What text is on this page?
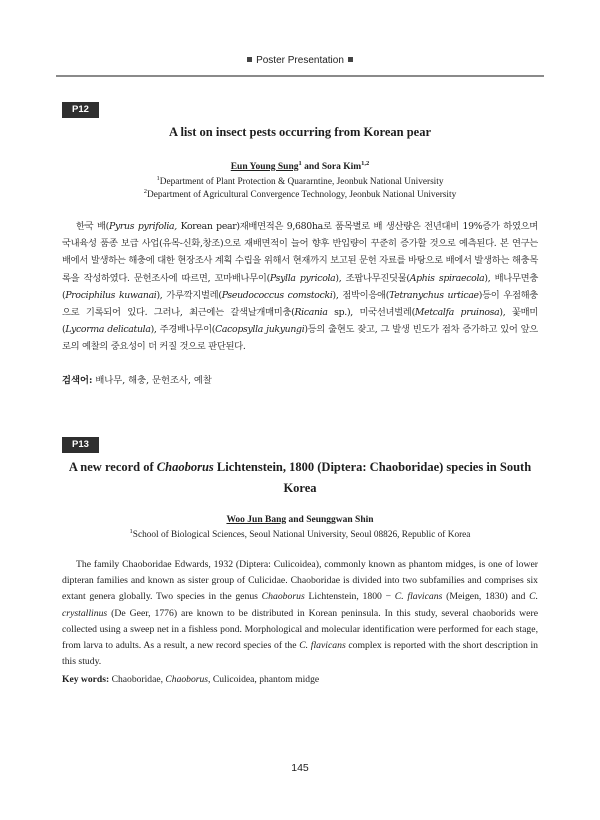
Poster Presentation
P12
A list on insect pests occurring from Korean pear
Eun Young Sung$^1$ and Sora Kim$^{1,2}$
$^1$Department of Plant Protection & Quararntine, Jeonbuk National University
$^2$Department of Agricultural Convergence Technology, Jeonbuk National University

한국 배(Pyrus pyrifolia, Korean pear)재배면적은 9,680ha로 품목별로 배 생산량은 전년대비 19%증가 하였으며 국내육성 품종 보급 사업(유목-신화,창조)으로 재배면적이 늘어 향후 반입량이 꾸준히 증가할 것으로 예측된다. 본 연구는 배에서 발생하는 해충에 대한 현장조사 계획 수립을 위해서 현재까지 보고된 문헌 자료를 바탕으로 배에서 발생하는 해충목록을 작성하였다. 문헌조사에 따르면, 꼬마배나무이(Psylla pyricola), 조팝나무진딧물(Aphis spiraecola), 배나무면충(Prociphilus kuwanai), 가루깍지벌레(Pseudococcus comstocki), 점박이응애(Tetranychus urticae)등이 우점해충으로 기록되어 있다. 그러나, 최근에는 갈색날개매미충(Ricania sp.), 미국선녀벌레(Metcalfa pruinosa), 꽃매미(Lycorma delicatula), 주경배나무이(Cacopsylla jukyungi)등의 출현도 잦고, 그 발생 빈도가 점차 증가하고 있어 앞으로의 예찰의 중요성이 더 커질 것으로 판단된다.

검색어: 배나무, 해충, 문헌조사, 예찰
P13
A new record of Chaoborus Lichtenstein, 1800 (Diptera: Chaoboridae) species in South Korea
Woo Jun Bang and Seunggwan Shin
$^1$School of Biological Sciences, Seoul National University, Seoul 08826, Republic of Korea

The family Chaoboridae Edwards, 1932 (Diptera: Culicoidea), commonly known as phantom midges, is one of lower dipteran families and known as sister group of Culicidae. Chaoboridae is divided into two subfamilies and comprises six extant genera globally. Two species in the genus Chaoborus Lichtenstein, 1800 − C. flavicans (Meigen, 1830) and C. crystallinus (De Geer, 1776) are known to be distributed in Korean peninsula. In this study, several chaoborids were collected using a sweep net in a fishless pond. Morphological and molecular identification were performed for each stage, from larva to adults. As a result, a new record species of the C. flavicans complex is reported with the short description in this study.

Key words: Chaoboridae, Chaoborus, Culicoidea, phantom midge
145
